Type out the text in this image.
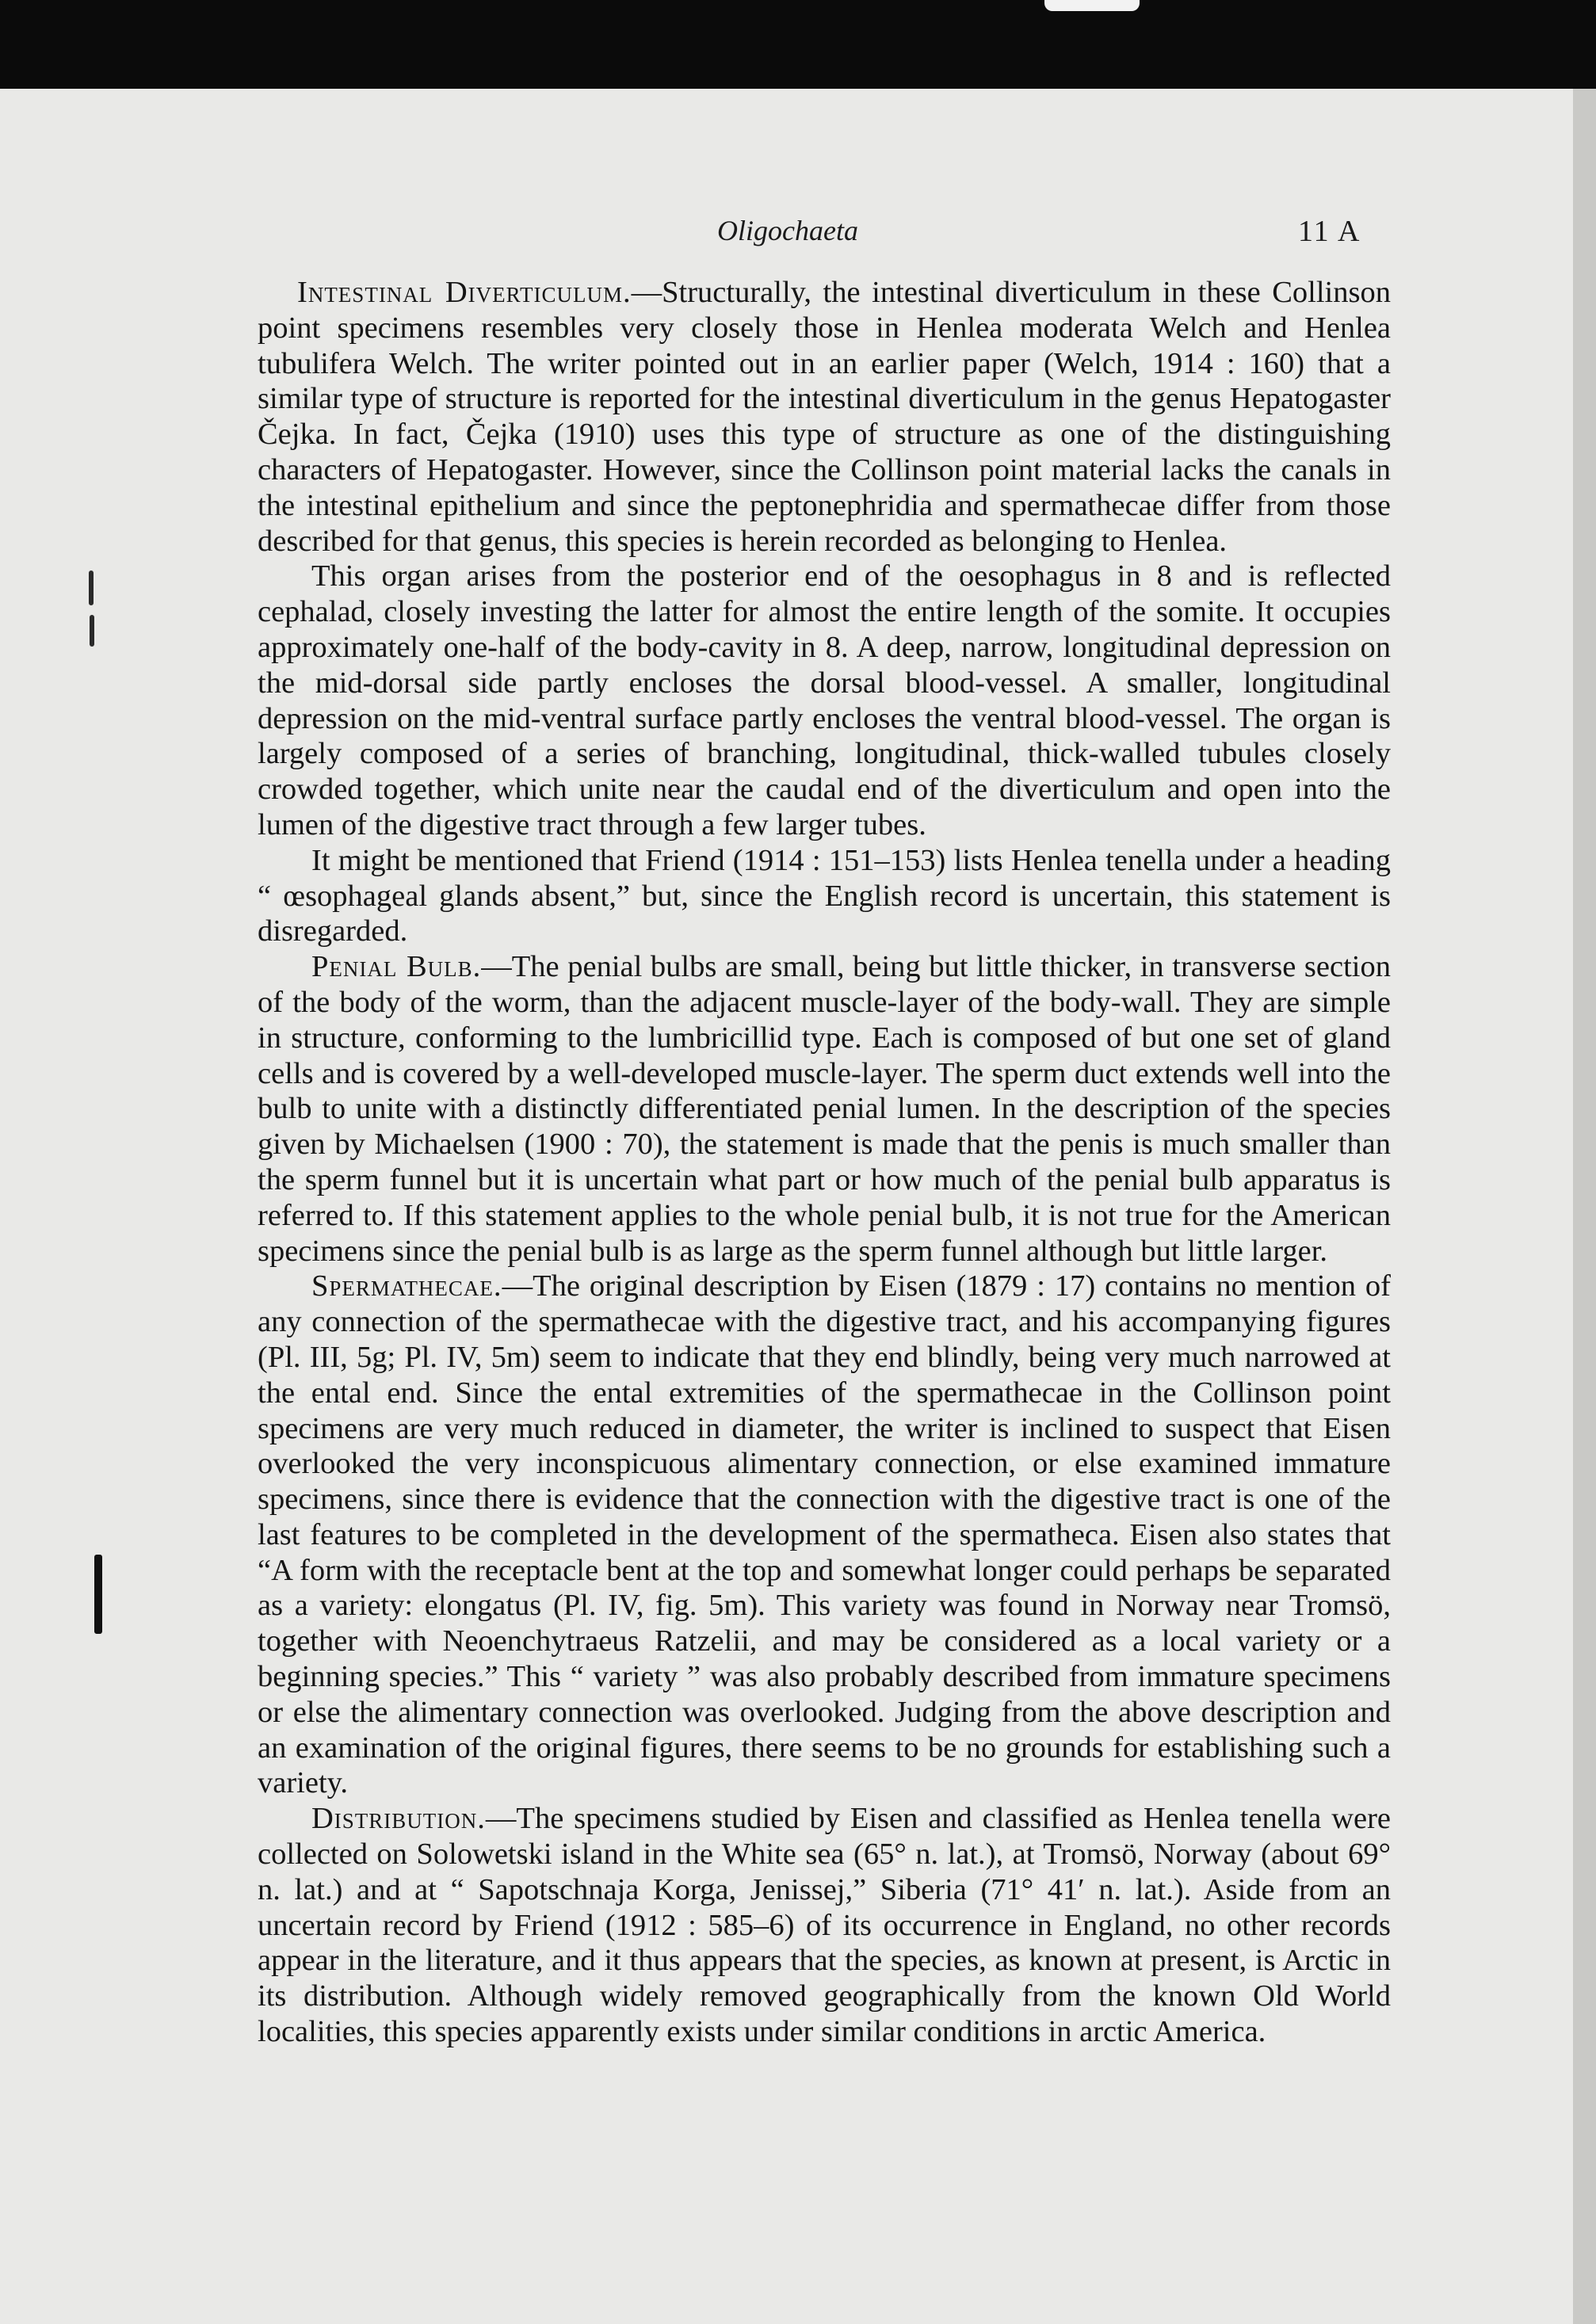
Oligochaeta	11 A

Intestinal Diverticulum.—Structurally, the intestinal diverticulum in these Collinson point specimens resembles very closely those in Henlea moderata Welch and Henlea tubulifera Welch. The writer pointed out in an earlier paper (Welch, 1914 : 160) that a similar type of structure is reported for the intestinal diverticulum in the genus Hepatogaster Čejka. In fact, Čejka (1910) uses this type of structure as one of the distinguishing characters of Hepatogaster. However, since the Collinson point material lacks the canals in the intestinal epithelium and since the peptonephridia and spermathecae differ from those described for that genus, this species is herein recorded as belonging to Henlea.

This organ arises from the posterior end of the oesophagus in 8 and is reflected cephalad, closely investing the latter for almost the entire length of the somite. It occupies approximately one-half of the body-cavity in 8. A deep, narrow, longitudinal depression on the mid-dorsal side partly encloses the dorsal blood-vessel. A smaller, longitudinal depression on the mid-ventral surface partly encloses the ventral blood-vessel. The organ is largely composed of a series of branching, longitudinal, thick-walled tubules closely crowded together, which unite near the caudal end of the diverticulum and open into the lumen of the digestive tract through a few larger tubes.

It might be mentioned that Friend (1914 : 151–153) lists Henlea tenella under a heading “ œsophageal glands absent,” but, since the English record is uncertain, this statement is disregarded.

Penial Bulb.—The penial bulbs are small, being but little thicker, in transverse section of the body of the worm, than the adjacent muscle-layer of the body-wall. They are simple in structure, conforming to the lumbricillid type. Each is composed of but one set of gland cells and is covered by a well-developed muscle-layer. The sperm duct extends well into the bulb to unite with a distinctly differentiated penial lumen. In the description of the species given by Michaelsen (1900 : 70), the statement is made that the penis is much smaller than the sperm funnel but it is uncertain what part or how much of the penial bulb apparatus is referred to. If this statement applies to the whole penial bulb, it is not true for the American specimens since the penial bulb is as large as the sperm funnel although but little larger.

Spermathecae.—The original description by Eisen (1879 : 17) contains no mention of any connection of the spermathecae with the digestive tract, and his accompanying figures (Pl. III, 5g; Pl. IV, 5m) seem to indicate that they end blindly, being very much narrowed at the ental end. Since the ental extremities of the spermathecae in the Collinson point specimens are very much reduced in diameter, the writer is inclined to suspect that Eisen overlooked the very inconspicuous alimentary connection, or else examined immature specimens, since there is evidence that the connection with the digestive tract is one of the last features to be completed in the development of the spermatheca. Eisen also states that “A form with the receptacle bent at the top and somewhat longer could perhaps be separated as a variety: elongatus (Pl. IV, fig. 5m). This variety was found in Norway near Tromsö, together with Neoenchytraeus Ratzelii, and may be considered as a local variety or a beginning species.” This “ variety ” was also probably described from immature specimens or else the alimentary connection was overlooked. Judging from the above description and an examination of the original figures, there seems to be no grounds for establishing such a variety.

Distribution.—The specimens studied by Eisen and classified as Henlea tenella were collected on Solowetski island in the White sea (65° n. lat.), at Tromsö, Norway (about 69° n. lat.) and at “ Sapotschnaja Korga, Jenissej,” Siberia (71° 41′ n. lat.). Aside from an uncertain record by Friend (1912 : 585–6) of its occurrence in England, no other records appear in the literature, and it thus appears that the species, as known at present, is Arctic in its distribution. Although widely removed geographically from the known Old World localities, this species apparently exists under similar conditions in arctic America.
